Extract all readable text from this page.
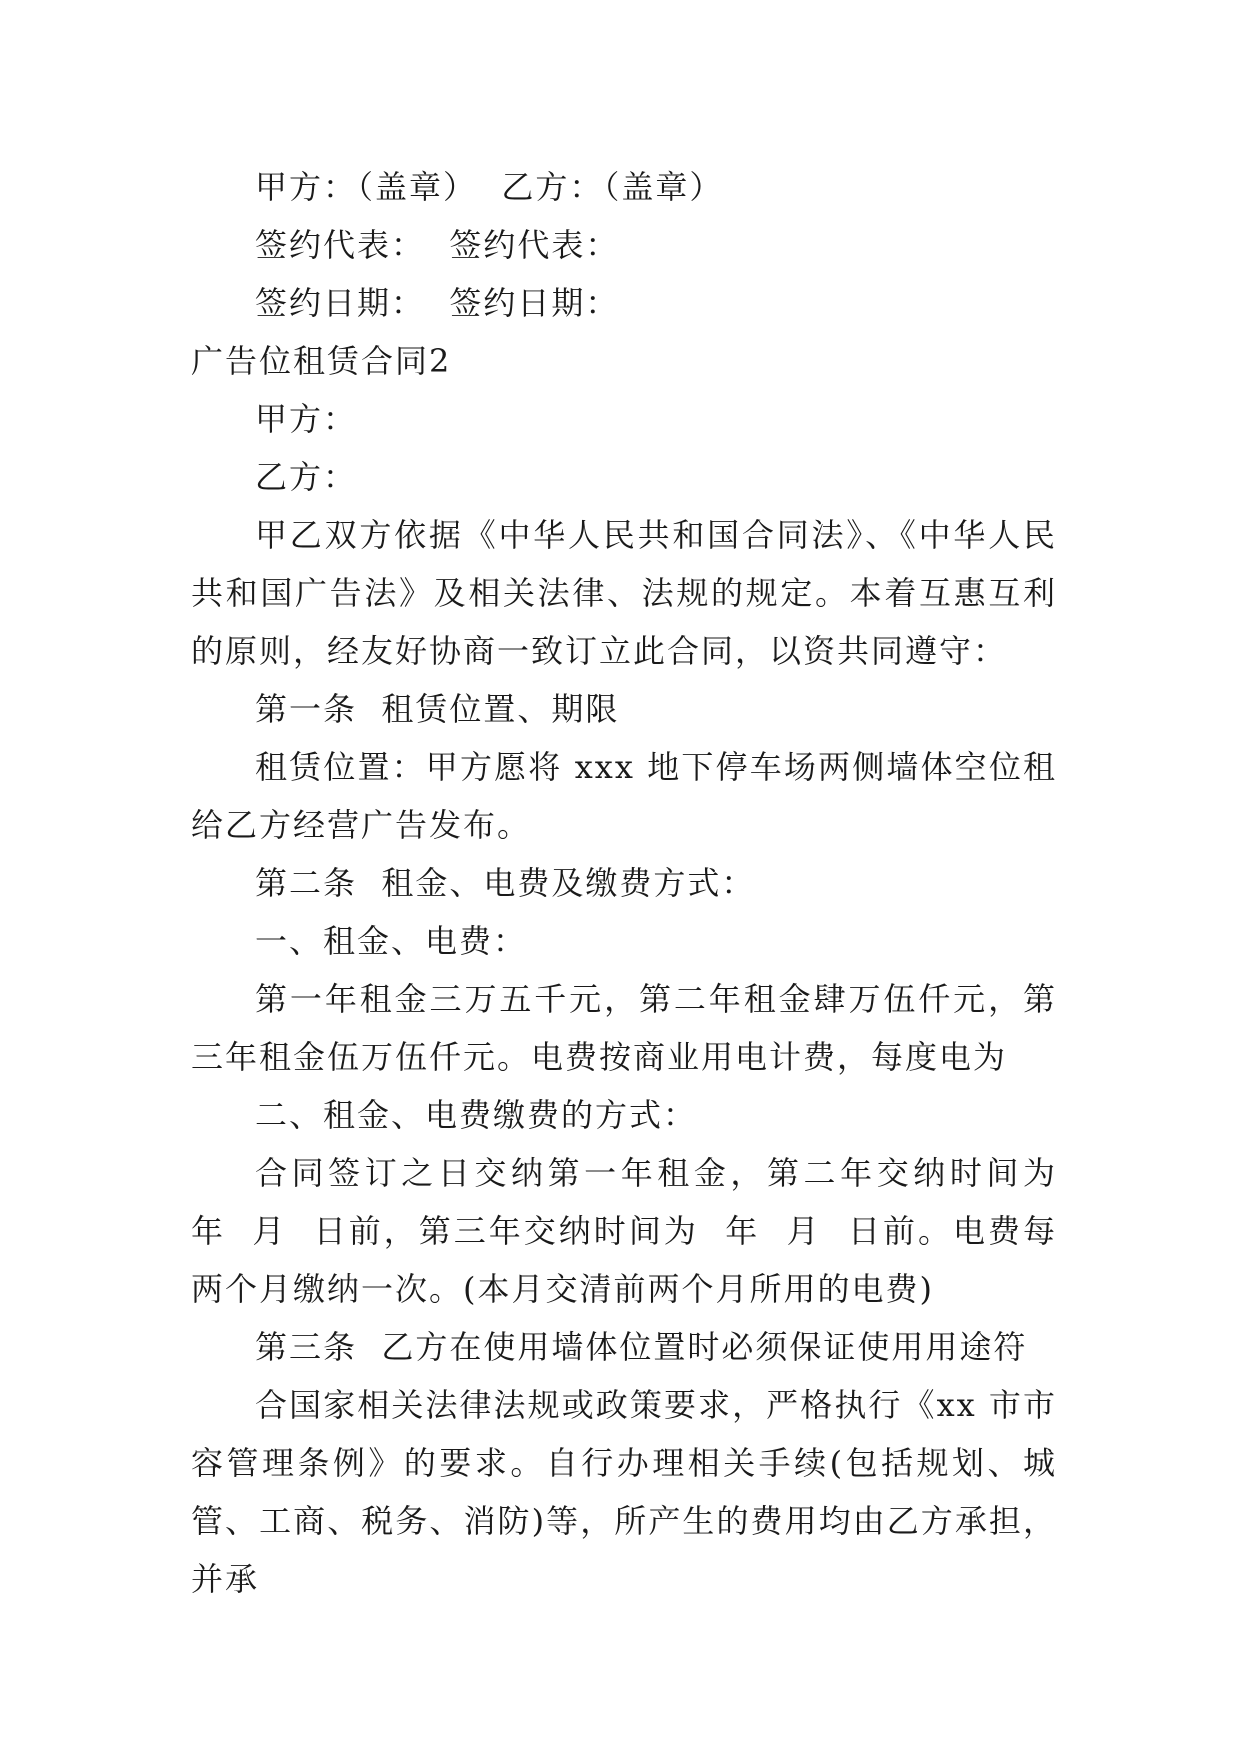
甲方：（盖章）  乙方：（盖章）

签约代表：  签约代表：

签约日期：  签约日期：

广告位租赁合同2

甲方：

乙方：

甲乙双方依据《中华人民共和国合同法》、《中华人民共和国广告法》及相关法律、法规的规定。本着互惠互利的原则，经友好协商一致订立此合同，以资共同遵守：

第一条  租赁位置、期限

租赁位置：甲方愿将 xxx 地下停车场两侧墙体空位租给乙方经营广告发布。

第二条  租金、电费及缴费方式：

一、租金、电费：

第一年租金三万五千元，第二年租金肆万伍仟元，第三年租金伍万伍仟元。电费按商业用电计费，每度电为

二、租金、电费缴费的方式：

合同签订之日交纳第一年租金，第二年交纳时间为  年  月  日前，第三年交纳时间为  年  月  日前。电费每两个月缴纳一次。(本月交清前两个月所用的电费)

第三条  乙方在使用墙体位置时必须保证使用用途符

合国家相关法律法规或政策要求，严格执行《xx 市市容管理条例》的要求。自行办理相关手续(包括规划、城管、工商、税务、消防)等，所产生的费用均由乙方承担，并承
